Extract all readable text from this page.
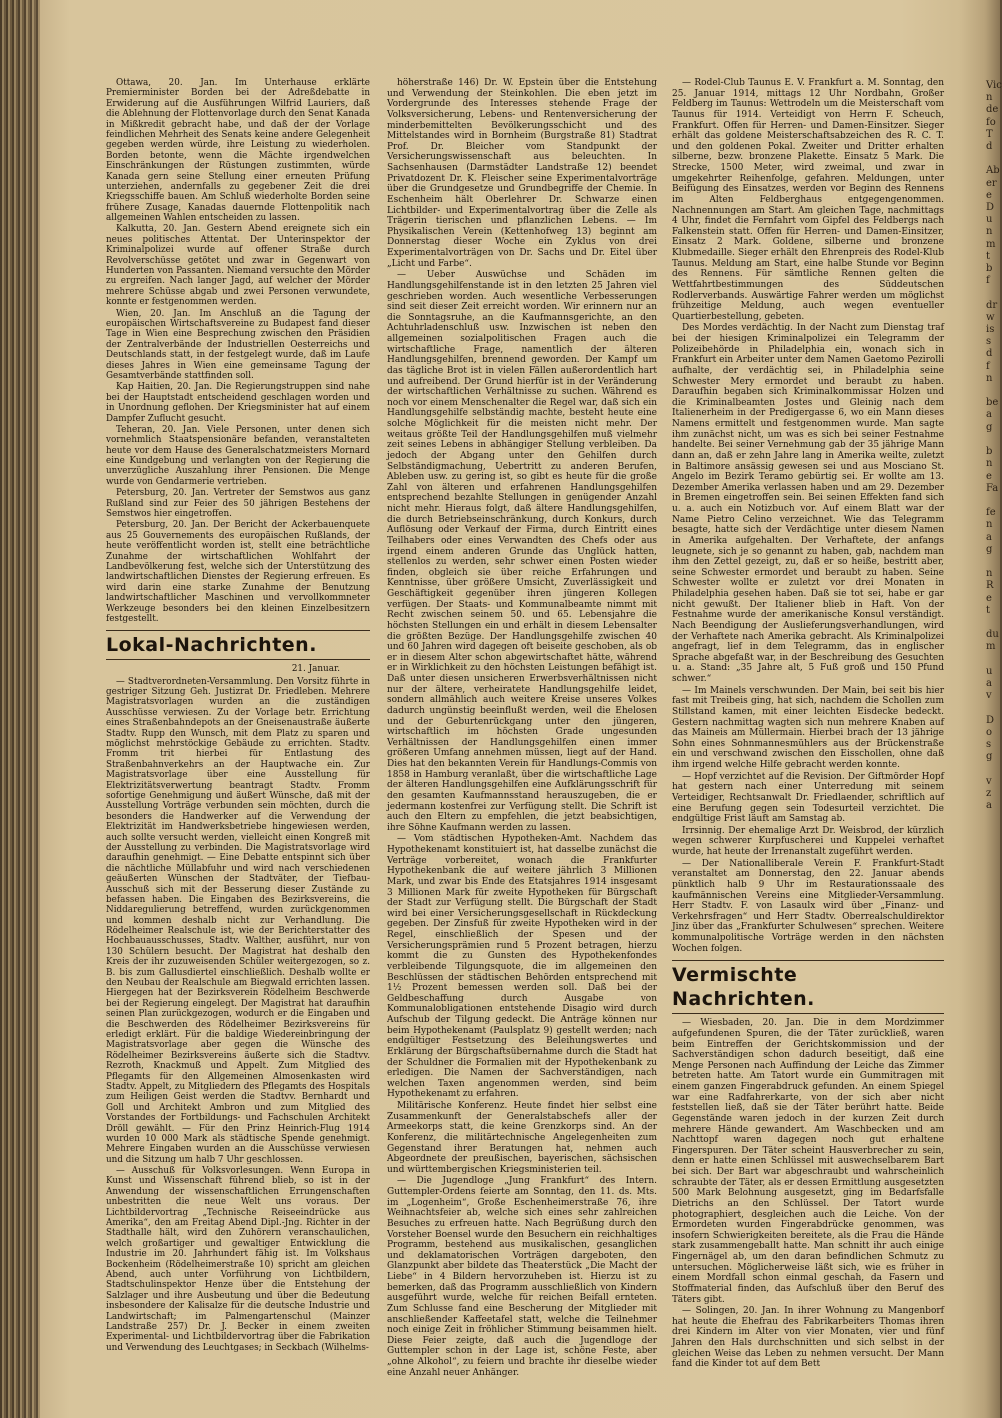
Ottawa, 20. Jan. Im Unterhause erklärte Premierminister Borden bei der Adreßdebatte in Erwiderung auf die Ausführungen Wilfrid Lauriers, daß die Ablehnung der Flottenvorlage durch den Senat Kanada in Mißkredit gebracht habe, und daß der der Vorlage feindlichen Mehrheit des Senats keine andere Gelegenheit gegeben werden würde, ihre Leistung zu wiederholen. Borden betonte, wenn die Mächte irgendwelchen Einschränkungen der Rüstungen zustimmten, würde Kanada gern seine Stellung einer erneuten Prüfung unterziehen, andernfalls zu gegebener Zeit die drei Kriegsschiffe bauen. Am Schluß wiederholte Borden seine frühere Zusage, Kanadas dauernde Flottenpolitik nach allgemeinen Wahlen entscheiden zu lassen.

Kalkutta, 20. Jan. Gestern Abend ereignete sich ein neues politisches Attentat. Der Unterinspektor der Kriminalpolizei wurde auf offener Straße durch Revolverschüsse getötet und zwar in Gegenwart von Hunderten von Passanten. Niemand versuchte den Mörder zu ergreifen. Nach langer Jagd, auf welcher der Mörder mehrere Schüsse abgab und zwei Personen verwundete, konnte er festgenommen werden.

Wien, 20. Jan. Im Anschluß an die Tagung der europäischen Wirtschaftsvereine zu Budapest fand dieser Tage in Wien eine Besprechung zwischen den Präsidien der Zentralverbände der Industriellen Oesterreichs und Deutschlands statt, in der festgelegt wurde, daß im Laufe dieses Jahres in Wien eine gemeinsame Tagung der Gesamtverbände stattfinden soll.

Kap Haitien, 20. Jan. Die Regierungstruppen sind nahe bei der Hauptstadt entscheidend geschlagen worden und in Unordnung geflohen. Der Kriegsminister hat auf einem Dampfer Zuflucht gesucht.

Teheran, 20. Jan. Viele Personen, unter denen sich vornehmlich Staatspensionäre befanden, veranstalteten heute vor dem Hause des Generalschatzmeisters Mornard eine Kundgebung und verlangten von der Regierung die unverzügliche Auszahlung ihrer Pensionen. Die Menge wurde von Gendarmerie vertrieben.

Petersburg, 20. Jan. Vertreter der Semstwos aus ganz Rußland sind zur Feier des 50 jährigen Bestehens der Semstwos hier eingetroffen.

Petersburg, 20. Jan. Der Bericht der Ackerbauenquete aus 25 Gouvernements des europäischen Rußlands, der heute veröffentlicht worden ist, stellt eine beträchtliche Zunahme der wirtschaftlichen Wohlfahrt der Landbevölkerung fest, welche sich der Unterstützung des landwirtschaftlichen Dienstes der Regierung erfreuen. Es wird darin eine starke Zunahme der Benutzung landwirtschaftlicher Maschinen und vervollkommneter Werkzeuge besonders bei den kleinen Einzelbesitzern festgestellt.

Lokal-Nachrichten.
21. Januar.

— Stadtverordneten-Versammlung. Den Vorsitz führte in gestriger Sitzung Geh. Justizrat Dr. Friedleben. Mehrere Magistratsvorlagen wurden an die zuständigen Ausschüsse verwiesen. Zu der Vorlage betr. Errichtung eines Straßenbahndepots an der Gneisenaustraße äußerte Stadtv. Rupp den Wunsch, mit dem Platz zu sparen und möglichst mehrstöckige Gebäude zu errichten. Stadtv. Fromm trit hierbei für Entlastung des Straßenbahnverkehrs an der Hauptwache ein. Zur Magistratsvorlage über eine Ausstellung für Elektrizitätsverwertung beantragt Stadtv. Fromm sofortige Genehmigung und äußert Wünsche, daß mit der Ausstellung Vorträge verbunden sein möchten, durch die besonders die Handwerker auf die Verwendung der Elektrizität im Handwerksbetriebe hingewiesen werden, auch sollte versucht werden, vielleicht einen Kongreß mit der Ausstellung zu verbinden. Die Magistratsvorlage wird daraufhin genehmigt. — Eine Debatte entspinnt sich über die nächtliche Müllabfuhr und wird nach verschiedenen geäußerten Wünschen der Stadtväter, der Tiefbau-Ausschuß sich mit der Besserung dieser Zustände zu befassen haben. Die Eingaben des Bezirksvereins, die Niddaregulierung betreffend, wurden zurückgenommen und kommen deshalb nicht zur Verhandlung. Die Rödelheimer Realschule ist, wie der Berichterstatter des Hochbauausschusses, Stadtv. Walther, ausführt, nur von 130 Schülern besucht. Der Magistrat hat deshalb den Kreis der ihr zuzuweisenden Schüler weitergezogen, so z. B. bis zum Gallusdiertel einschließlich. Deshalb wollte er den Neubau der Realschule am Biegwald errichten lassen. Hiergegen hat der Bezirksverein Rödelheim Beschwerde bei der Regierung eingelegt. Der Magistrat hat daraufhin seinen Plan zurückgezogen, wodurch er die Eingaben und die Beschwerden des Rödelheimer Bezirksvereins für erledigt erklärt. Für die baldige Wiedereinbringung der Magistratsvorlage aber gegen die Wünsche des Rödelheimer Bezirksvereins äußerte sich die Stadtvv. Rezroth, Knackmuß und Appelt. Zum Mitglied des Pflegamts für den Allgemeinen Almosenkasten wird Stadtv. Appelt, zu Mitgliedern des Pflegamts des Hospitals zum Heiligen Geist werden die Stadtvv. Bernhardt und Goll und Architekt Ambron und zum Mitglied des Vorstandes der Fortbildungs- und Fachschulen Architekt Dröll gewählt. — Für den Prinz Heinrich-Flug 1914 wurden 10 000 Mark als städtische Spende genehmigt. Mehrere Eingaben wurden an die Ausschüsse verwiesen und die Sitzung um halb 7 Uhr geschlossen.

— Ausschuß für Volksvorlesungen. Wenn Europa in Kunst und Wissenschaft führend blieb, so ist in der Anwendung der wissenschaftlichen Errungenschaften unbestritten die neue Welt uns voraus. Der Lichtbildervortrag „Technische Reiseeindrücke aus Amerika“, den am Freitag Abend Dipl.-Jng. Richter in der Stadthalle hält, wird den Zuhörern veranschaulichen, welch großartiger und gewaltiger Entwicklung die Industrie im 20. Jahrhundert fähig ist. Im Volkshaus Bockenheim (Rödelheimerstraße 10) spricht am gleichen Abend, auch unter Vorführung von Lichtbildern, Stadtschulinspektor Henze über die Entstehung der Salzlager und ihre Ausbeutung und über die Bedeutung insbesondere der Kalisalze für die deutsche Industrie und Landwirtschaft; im Palmengartenschul (Mainzer Landstraße 257) Dr. J. Becker in einem zweiten Experimental- und Lichtbildervortrag über die Fabrikation und Verwendung des Leuchtgases; in Seckbach (Wilhelms-

höherstraße 146) Dr. W. Epstein über die Entstehung und Verwendung der Steinkohlen. Die eben jetzt im Vordergrunde des Interesses stehende Frage der Volksversicherung, Lebens- und Rentenversicherung der minderbemittelten Bevölkerungsschicht und des Mittelstandes wird in Bornheim (Burgstraße 81) Stadtrat Prof. Dr. Bleicher vom Standpunkt der Versicherungswissenschaft aus beleuchten. In Sachsenhausen (Darmstädter Landstraße 12) beendet Privatdozent Dr. K. Fleischer seine Experimentalvorträge über die Grundgesetze und Grundbegriffe der Chemie. In Eschenheim hält Oberlehrer Dr. Schwarze einen Lichtbilder- und Experimentalvortrag über die Zelle als Trägerin tierischen und pflanzlichen Lebens. — Im Physikalischen Verein (Kettenhofweg 13) beginnt am Donnerstag dieser Woche ein Zyklus von drei Experimentalvorträgen von Dr. Sachs und Dr. Eitel über „Licht und Farbe“.

— Ueber Auswüchse und Schäden im Handlungsgehilfenstande ist in den letzten 25 Jahren viel geschrieben worden. Auch wesentliche Verbesserungen sind seit dieser Zeit erreicht worden. Wir erinnern nur an die Sonntagsruhe, an die Kaufmannsgerichte, an den Achtuhrladenschluß usw. Inzwischen ist neben den allgemeinen sozialpolitischen Fragen auch die wirtschaftliche Frage, namentlich der älteren Handlungsgehilfen, brennend geworden. Der Kampf um das tägliche Brot ist in vielen Fällen außerordentlich hart und aufreibend. Der Grund hierfür ist in der Veränderung der wirtschaftlichen Verhältnisse zu suchen. Während es noch vor einem Menschenalter die Regel war, daß sich ein Handlungsgehilfe selbständig machte, besteht heute eine solche Möglichkeit für die meisten nicht mehr. Der weitaus größte Teil der Handlungsgehilfen muß vielmehr zeit seines Lebens in abhängiger Stellung verbleiben. Da jedoch der Abgang unter den Gehilfen durch Selbständigmachung, Uebertritt zu anderen Berufen, Ableben usw. zu gering ist, so gibt es heute für die große Zahl von älteren und erfahrenen Handlungsgehilfen entsprechend bezahlte Stellungen in genügender Anzahl nicht mehr. Hieraus folgt, daß ältere Handlungsgehilfen, die durch Betriebseinschränkung, durch Konkurs, durch Auflösung oder Verkauf der Firma, durch Eintritt eines Teilhabers oder eines Verwandten des Chefs oder aus irgend einem anderen Grunde das Unglück hatten, stellenlos zu werden, sehr schwer einen Posten wieder finden, obgleich sie über reiche Erfahrungen und Kenntnisse, über größere Umsicht, Zuverlässigkeit und Geschäftigkeit gegenüber ihren jüngeren Kollegen verfügen. Der Staats- und Kommunalbeamte nimmt mit Recht zwischen seinem 50. und 65. Lebensjahre die höchsten Stellungen ein und erhält in diesem Lebensalter die größten Bezüge. Der Handlungsgehilfe zwischen 40 und 60 Jahren wird dagegen oft beiseite geschoben, als ob er in diesem Alter schon abgewirtschaftet hätte, während er in Wirklichkeit zu den höchsten Leistungen befähigt ist. Daß unter diesen unsicheren Erwerbsverhältnissen nicht nur der ältere, verheiratete Handlungsgehilfe leidet, sondern allmählich auch weitere Kreise unseres Volkes dadurch ungünstig beeinflußt werden, weil die Ehelosen und der Geburtenrückgang unter den jüngeren, wirtschaftlich im höchsten Grade ungesunden Verhältnissen der Handlungsgehilfen einen immer größeren Umfang annehmen müssen, liegt auf der Hand. Dies hat den bekannten Verein für Handlungs-Commis von 1858 in Hamburg veranlaßt, über die wirtschaftliche Lage der älteren Handlungsgehilfen eine Aufklärungsschrift für den gesamten Kaufmannsstand herauszugeben, die er jedermann kostenfrei zur Verfügung stellt. Die Schrift ist auch den Eltern zu empfehlen, die jetzt beabsichtigen, ihre Söhne Kaufmann werden zu lassen.

— Vom städtischen Hypotheken-Amt. Nachdem das Hypothekenamt konstituiert ist, hat dasselbe zunächst die Verträge vorbereitet, wonach die Frankfurter Hypothekenbank die auf weitere jährlich 3 Millionen Mark, und zwar bis Ende des Etatsjahres 1914 insgesamt 3 Millionen Mark für zweite Hypotheken für Bürgschaft der Stadt zur Verfügung stellt. Die Bürgschaft der Stadt wird bei einer Versicherungsgesellschaft in Rückdeckung gegeben. Der Zinsfuß für zweite Hypotheken wird in der Regel, einschließlich der Spesen und der Versicherungsprämien rund 5 Prozent betragen, hierzu kommt die zu Gunsten des Hypothekenfondes verbleibende Tilgungsquote, die im allgemeinen den Beschlüssen der städtischen Behörden entsprechend mit 1½ Prozent bemessen werden soll. Daß bei der Geldbeschaffung durch Ausgabe von Kommunalobligationen entstehende Disagio wird durch Aufschub der Tilgung gedeckt. Die Anträge können nur beim Hypothekenamt (Paulsplatz 9) gestellt werden; nach endgültiger Festsetzung des Beleihungswertes und Erklärung der Bürgschaftsübernahme durch die Stadt hat der Schuldner die Formalien mit der Hypothekenbank zu erledigen. Die Namen der Sachverständigen, nach welchen Taxen angenommen werden, sind beim Hypothekenamt zu erfahren.

Militärische Konferenz. Heute findet hier selbst eine Zusammenkunft der Generalstabschefs aller der Armeekorps statt, die keine Grenzkorps sind. An der Konferenz, die militärtechnische Angelegenheiten zum Gegenstand ihrer Beratungen hat, nehmen auch Abgeordnete der preußischen, bayerischen, sächsischen und württembergischen Kriegsministerien teil.

— Die Jugendloge „Jung Frankfurt“ des Intern. Guttempler-Ordens feierte am Sonntag, den 11. ds. Mts. im „Logenheim“, Große Eschenheimerstraße 76, ihre Weihnachtsfeier ab, welche sich eines sehr zahlreichen Besuches zu erfreuen hatte. Nach Begrüßung durch den Vorsteher Boensel wurde den Besuchern ein reichhaltiges Programm, bestehend aus musikalischen, gesanglichen und deklamatorischen Vorträgen dargeboten, den Glanzpunkt aber bildete das Theaterstück „Die Macht der Liebe“ in 4 Bildern hervorzuheben ist. Hierzu ist zu bemerken, daß das Programm ausschließlich von Kindern ausgeführt wurde, welche für reichen Beifall ernteten. Zum Schlusse fand eine Bescherung der Mitglieder mit anschließender Kaffeetafel statt, welche die Teilnehmer noch einige Zeit in fröhlicher Stimmung beisammen hielt. Diese Feier zeigte, daß auch die Jugendloge der Guttempler schon in der Lage ist, schöne Feste, aber „ohne Alkohol“, zu feiern und brachte ihr dieselbe wieder eine Anzahl neuer Anhänger.

— Rodel-Club Taunus E. V. Frankfurt a. M. Sonntag, den 25. Januar 1914, mittags 12 Uhr Nordbahn, Großer Feldberg im Taunus: Wettrodeln um die Meisterschaft vom Taunus für 1914. Verteidigt von Herrn F. Scheuch, Frankfurt. Offen für Herren- und Damen-Einsitzer. Sieger erhält das goldene Meisterschaftsabzeichen des R. C. T. und den goldenen Pokal. Zweiter und Dritter erhalten silberne, bezw. bronzene Plakette. Einsatz 5 Mark. Die Strecke, 1500 Meter, wird zweimal, und zwar in umgekehrter Reihenfolge, gefahren. Meldungen, unter Beifügung des Einsatzes, werden vor Beginn des Rennens im Alten Feldberghaus entgegengenommen. Nachnennungen am Start. Am gleichen Tage, nachmittags 4 Uhr, findet die Fernfahrt vom Gipfel des Feldbergs nach Falkenstein statt. Offen für Herren- und Damen-Einsitzer, Einsatz 2 Mark. Goldene, silberne und bronzene Klubmedaille. Sieger erhält den Ehrenpreis des Rodel-Klub Taunus. Meldung am Start, eine halbe Stunde vor Beginn des Rennens. Für sämtliche Rennen gelten die Wettfahrtbestimmungen des Süddeutschen Rodlerverbands. Auswärtige Fahrer werden um möglichst frühzeitige Meldung, auch wegen eventueller Quartierbestellung, gebeten.

Des Mordes verdächtig. In der Nacht zum Dienstag traf bei der hiesigen Kriminalpolizei ein Telegramm der Polizeibehörde in Philadelphia ein, wonach sich in Frankfurt ein Arbeiter unter dem Namen Gaetomo Pezirolli aufhalte, der verdächtig sei, in Philadelphia seine Schwester Mery ermordet und beraubt zu haben. Daraufhin begaben sich Kriminalkommissar Holzen und die Kriminalbeamten Jostes und Gleinig nach dem Italienerheim in der Predigergasse 6, wo ein Mann dieses Namens ermittelt und festgenommen wurde. Man sagte ihm zunächst nicht, um was es sich bei seiner Festnahme handelte. Bei seiner Vernehmung gab der 35 jährige Mann dann an, daß er zehn Jahre lang in Amerika weilte, zuletzt in Baltimore ansässig gewesen sei und aus Mosciano St. Angelo im Bezirk Teramo gebürtig sei. Er wollte am 13. Dezember Amerika verlassen haben und am 29. Dezember in Bremen eingetroffen sein. Bei seinen Effekten fand sich u. a. auch ein Notizbuch vor. Auf einem Blatt war der Name Pietro Celino verzeichnet. Wie das Telegramm besagte, hatte sich der Verdächtige unter diesem Namen in Amerika aufgehalten. Der Verhaftete, der anfangs leugnete, sich je so genannt zu haben, gab, nachdem man ihm den Zettel gezeigt, zu, daß er so heiße, bestritt aber, seine Schwester ermordet und beraubt zu haben. Seine Schwester wollte er zuletzt vor drei Monaten in Philadelphia gesehen haben. Daß sie tot sei, habe er gar nicht gewußt. Der Italiener blieb in Haft. Von der Festnahme wurde der amerikanische Konsul verständigt. Nach Beendigung der Auslieferungsverhandlungen, wird der Verhaftete nach Amerika gebracht. Als Kriminalpolizei angefragt, lief in dem Telegramm, das in englischer Sprache abgefaßt war, in der Beschreibung des Gesuchten u. a. Stand: „35 Jahre alt, 5 Fuß groß und 150 Pfund schwer.“

— Im Mainels verschwunden. Der Main, bei seit bis hier fast mit Treibeis ging, hat sich, nachdem die Schollen zum Stillstand kamen, mit einer leichten Eisdecke bedeckt. Gestern nachmittag wagten sich nun mehrere Knaben auf das Maineis am Müllermain. Hierbei brach der 13 jährige Sohn eines Sohnmannesmühlers aus der Brückenstraße ein und verschwand zwischen den Eisschollen, ohne daß ihm irgend welche Hilfe gebracht werden konnte.

— Hopf verzichtet auf die Revision. Der Giftmörder Hopf hat gestern nach einer Unterredung mit seinem Verteidiger, Rechtsanwalt Dr. Friedlaender, schriftlich auf eine Berufung gegen sein Todesurteil verzichtet. Die endgültige Frist läuft am Samstag ab.

Irrsinnig. Der ehemalige Arzt Dr. Weisbrod, der kürzlich wegen schwerer Kurpfuscherei und Kuppelei verhaftet wurde, hat heute der Irrenanstalt zugeführt werden.

— Der Nationalliberale Verein F. Frankfurt-Stadt veranstaltet am Donnerstag, den 22. Januar abends pünktlich halb 9 Uhr im Restaurationssaale des kaufmännischen Vereins eine Mitglieder-Versammlung. Herr Stadtv. F. von Lasaulx wird über „Finanz- und Verkehrsfragen“ und Herr Stadtv. Oberrealschuldirektor Jinz über das „Frankfurter Schulwesen“ sprechen. Weitere kommunalpolitische Vorträge werden in den nächsten Wochen folgen.

Vermischte Nachrichten.

— Wiesbaden, 20. Jan. Die in dem Mordzimmer aufgefundenen Spuren, die der Täter zurückließ, waren beim Eintreffen der Gerichtskommission und der Sachverständigen schon dadurch beseitigt, daß eine Menge Personen nach Auffindung der Leiche das Zimmer betreten hatte. Am Tatort wurde ein Gummitragen mit einem ganzen Fingerabdruck gefunden. An einem Spiegel war eine Radfahrerkarte, von der sich aber nicht feststellen ließ, daß sie der Täter berührt hatte. Beide Gegenstände waren jedoch in der kurzen Zeit durch mehrere Hände gewandert. Am Waschbecken und am Nachttopf waren dagegen noch gut erhaltene Fingerspuren. Der Täter scheint Hausverbrecher zu sein, denn er hatte einen Schlüssel mit auswechselbarem Bart bei sich. Der Bart war abgeschraubt und wahrscheinlich schraubte der Täter, als er dessen Ermittlung ausgesetzten 500 Mark Belohnung ausgesetzt, ging im Bedarfsfalle Dietrichs an den Schlüssel. Der Tatort wurde photographiert, desgleichen auch die Leiche. Von der Ermordeten wurden Fingerabdrücke genommen, was insofern Schwierigkeiten bereitete, als die Frau die Hände stark zusammengeballt hatte. Man schnitt ihr auch einige Fingernägel ab, um den daran befindlichen Schmutz zu untersuchen. Möglicherweise läßt sich, wie es früher in einem Mordfall schon einmal geschah, da Fasern und Stoffmaterial finden, das Aufschluß über den Beruf des Täters gibt.

— Solingen, 20. Jan. In ihrer Wohnung zu Mangenborf hat heute die Ehefrau des Fabrikarbeiters Thomas ihren drei Kindern im Alter von vier Monaten, vier und fünf Jahren den Hals durchschnitten und sich selbst in der gleichen Weise das Leben zu nehmen versucht. Der Mann fand die Kinder tot auf dem Bett

Vic
n
de
fo
T
d

Ab
er
e
D
u
n
m
t
b
f

dr
w
is
s
d
f
n

be
a
g

b
n
e
Fa

fe
n
a
g

n
R
e
t

du
m

u
a
v

D
o
s
g

v
z
a
